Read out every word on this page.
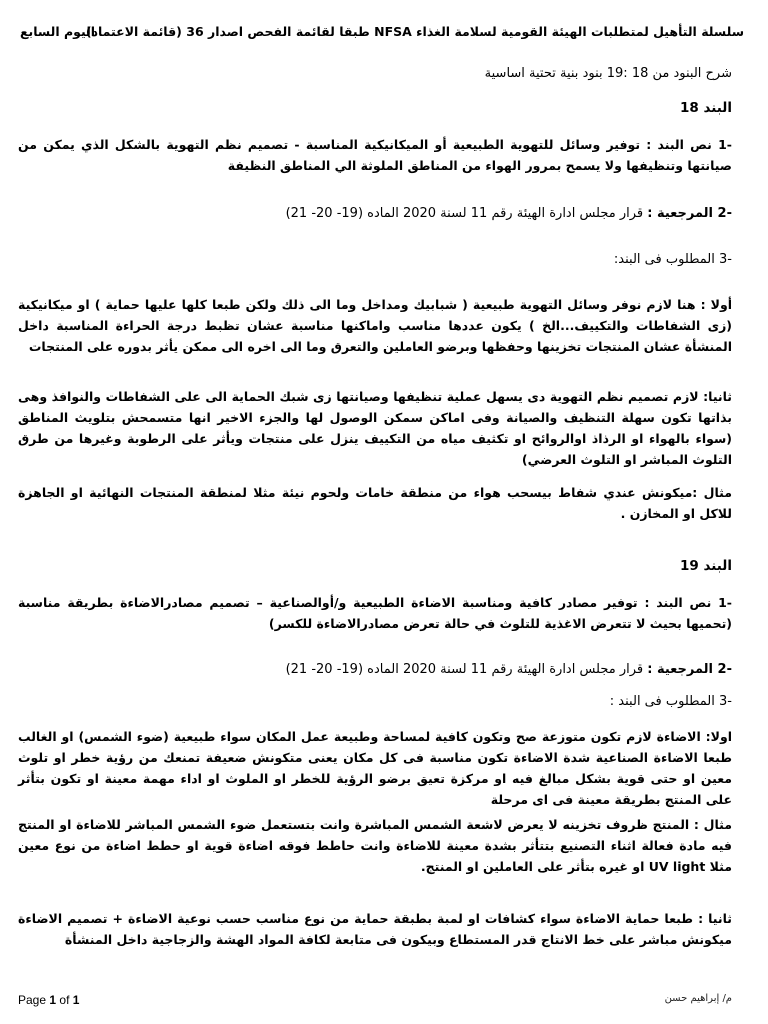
سلسلة التأهيل لمتطلبات الهيئة القومية لسلامة الغذاء NFSA طبقا لقائمة الفحص اصدار 36 (قائمة الاعتماد)
اليوم السابع
شرح البنود من 18 :19 بنود بنية تحتية اساسية
البند 18
-1 نص البند : توفير وسائل للتهوية الطبيعية أو الميكانيكية المناسبة - تصميم نظم التهوية بالشكل الذي يمكن من صيانتها وتنظيفها ولا يسمح بمرور الهواء من المناطق الملوثة الي المناطق النظيفة
-2 المرجعية : قرار مجلس ادارة الهيئة رقم 11 لسنة 2020 الماده (19- 20- 21)
-3 المطلوب فى البند:
أولا : هنا لازم نوفر وسائل التهوية طبيعية ( شبابيك ومداخل وما الى ذلك ولكن طبعا كلها عليها حماية ) او ميكانيكية (زى الشفاطات والتكييف...الخ ) يكون عددها مناسب واماكنها مناسبة عشان تظبط درجة الحراءة المناسبة داخل المنشأة عشان المنتجات تخزينها وحفظها وبرضو العاملين والتعرق وما الى اخره الى ممكن يأثر بدوره على المنتجات
ثانيا: لازم تصميم نظم التهوية دى يسهل عملية تنظيفها وصيانتها زى شبك الحماية الى على الشفاطات والنوافذ وهى بذاتها تكون سهلة التنظيف والصيانة وفى اماكن سمكن الوصول لها والجزء الاخير انها متسمحش بتلويث المناطق (سواء بالهواء او الرذاذ اوالروائح او تكثيف مياه من التكييف ينزل على منتجات ويأثر على الرطوبة وغيرها من طرق التلوث المباشر او التلوث العرضي)
مثال :ميكونش عندي شفاط بيسحب هواء من منطقة خامات ولحوم نيئة مثلا لمنطقة المنتجات النهائية او الجاهزة للاكل او المخازن .
البند 19
-1 نص البند : توفير مصادر كافية ومناسبة الاضاءة الطبيعية و/أوالصناعية – تصميم مصادرالاضاءة بطريقة مناسبة (تحميها بحيث لا تتعرض الاغذية للتلوث في حالة تعرض مصادرالاضاءة للكسر)
-2 المرجعية : قرار مجلس ادارة الهيئة رقم 11 لسنة 2020 الماده (19- 20- 21)
-3 المطلوب فى البند :
اولا: الاضاءة لازم تكون متوزعة صح وتكون كافية لمساحة وطبيعة عمل المكان سواء طبيعية (ضوء الشمس) او الغالب طبعا الاضاءة الصناعية شدة الاضاءة تكون مناسبة فى كل مكان يعنى متكونش ضعيفة تمنعك من رؤية خطر او تلوث معين او حتى قوية بشكل مبالغ فيه او مركزة تعيق برضو الرؤية للخطر او الملوث او اداء مهمة معينة او تكون بتأثر على المنتج بطريقة معينة فى اى مرحلة
مثال : المنتج ظروف تخزينه لا يعرض لاشعة الشمس المباشرة وانت بتستعمل ضوء الشمس المباشر للاضاءة او المنتج فيه مادة فعالة اثناء التصنيع بتتأثر بشدة معينة للاضاءة وانت حاطط فوقه اضاءة قوية او حطط اضاءة من نوع معين مثلا UV light او غيره بتأثر على العاملين او المنتج.
ثانيا : طبعا حماية الاضاءة سواء كشافات او لمبة بطبقة حماية من نوع مناسب حسب نوعية الاضاءة + تصميم الاضاءة ميكونش مباشر على خط الانتاج قدر المستطاع وبيكون فى متابعة لكافة المواد الهشة والزجاجية داخل المنشأة
Page 1 of 1	م/ إبراهيم حسن
